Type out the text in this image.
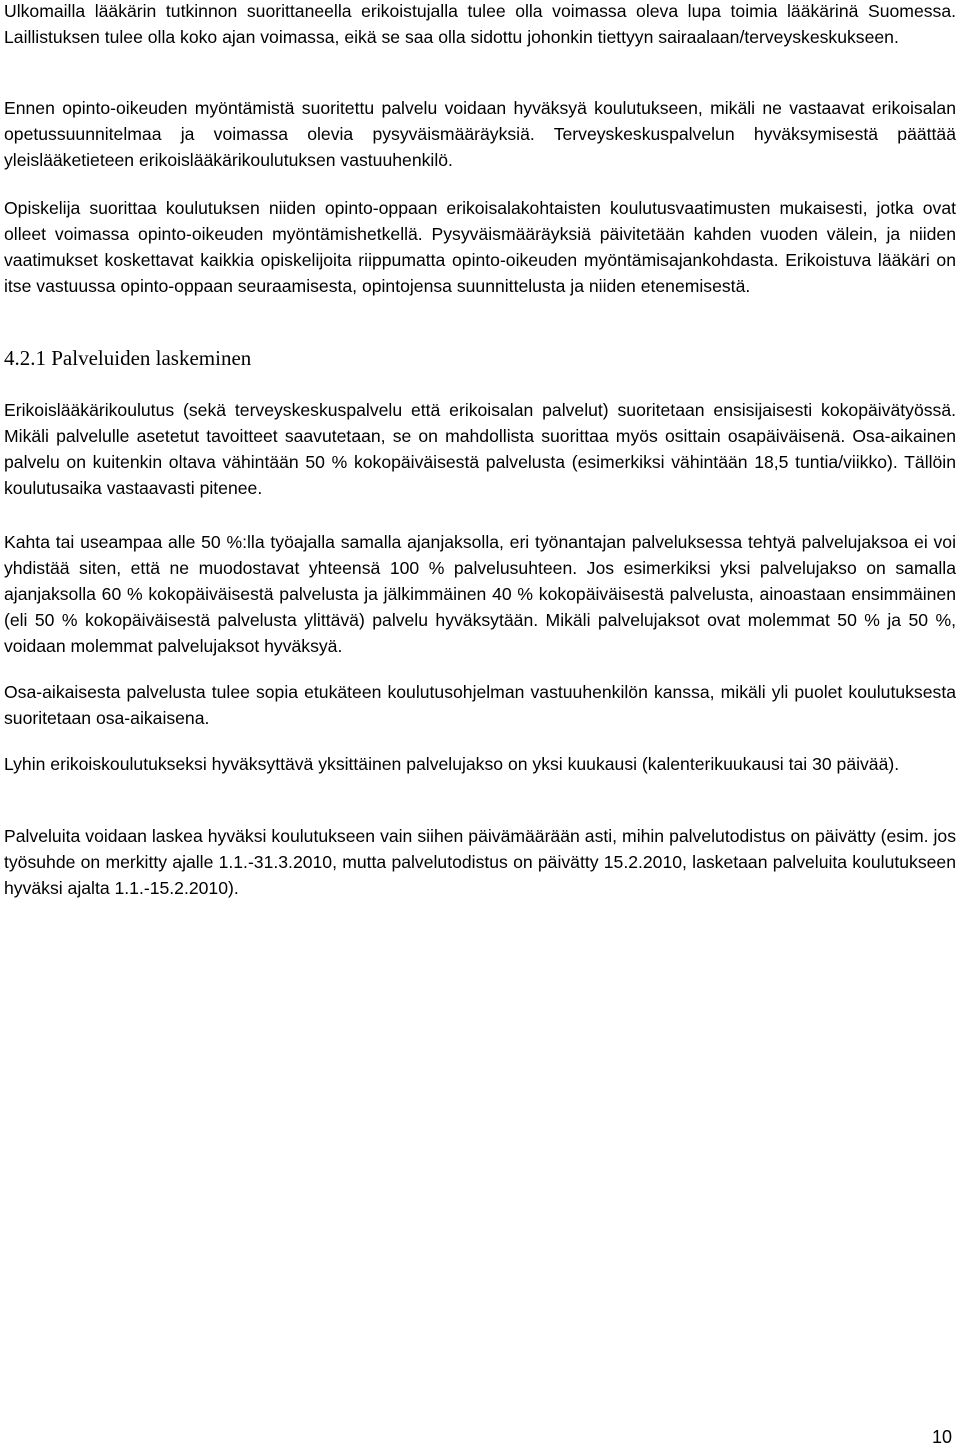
Ulkomailla lääkärin tutkinnon suorittaneella erikoistujalla tulee olla voimassa oleva lupa toimia lääkärinä Suomessa. Laillistuksen tulee olla koko ajan voimassa, eikä se saa olla sidottu johonkin tiettyyn sairaalaan/terveyskeskukseen.

Ennen opinto-oikeuden myöntämistä suoritettu palvelu voidaan hyväksyä koulutukseen, mikäli ne vastaavat erikoisalan opetussuunnitelmaa ja voimassa olevia pysyväismääräyksiä. Terveyskeskuspalvelun hyväksymisestä päättää yleislääketieteen erikoislääkärikoulutuksen vastuuhenkilö.

Opiskelija suorittaa koulutuksen niiden opinto-oppaan erikoisalakohtaisten koulutusvaatimusten mukaisesti, jotka ovat olleet voimassa opinto-oikeuden myöntämishetkellä. Pysyväismääräyksiä päivitetään kahden vuoden välein, ja niiden vaatimukset koskettavat kaikkia opiskelijoita riippumatta opinto-oikeuden myöntämisajankohdasta. Erikoistuva lääkäri on itse vastuussa opinto-oppaan seuraamisesta, opintojensa suunnittelusta ja niiden etenemisestä.

4.2.1 Palveluiden laskeminen

Erikoislääkärikoulutus (sekä terveyskeskuspalvelu että erikoisalan palvelut) suoritetaan ensisijaisesti kokopäivätyössä. Mikäli palvelulle asetetut tavoitteet saavutetaan, se on mahdollista suorittaa myös osittain osapäiväisenä. Osa-aikainen palvelu on kuitenkin oltava vähintään 50 % kokopäiväisestä palvelusta (esimerkiksi vähintään 18,5 tuntia/viikko). Tällöin koulutusaika vastaavasti pitenee.

Kahta tai useampaa alle 50 %:lla työajalla samalla ajanjaksolla, eri työnantajan palveluksessa tehtyä palvelujaksoa ei voi yhdistää siten, että ne muodostavat yhteensä 100 % palvelusuhteen. Jos esimerkiksi yksi palvelujakso on samalla ajanjaksolla 60 % kokopäiväisestä palvelusta ja jälkimmäinen 40 % kokopäiväisestä palvelusta, ainoastaan ensimmäinen (eli 50 % kokopäiväisestä palvelusta ylittävä) palvelu hyväksytään. Mikäli palvelujaksot ovat molemmat 50 % ja 50 %, voidaan molemmat palvelujaksot hyväksyä.

Osa-aikaisesta palvelusta tulee sopia etukäteen koulutusohjelman vastuuhenkilön kanssa, mikäli yli puolet koulutuksesta suoritetaan osa-aikaisena.

Lyhin erikoiskoulutukseksi hyväksyttävä yksittäinen palvelujakso on yksi kuukausi (kalenterikuukausi tai 30 päivää).

Palveluita voidaan laskea hyväksi koulutukseen vain siihen päivämäärään asti, mihin palvelutodistus on päivätty (esim. jos työsuhde on merkitty ajalle 1.1.-31.3.2010, mutta palvelutodistus on päivätty 15.2.2010, lasketaan palveluita koulutukseen hyväksi ajalta 1.1.-15.2.2010).

10
